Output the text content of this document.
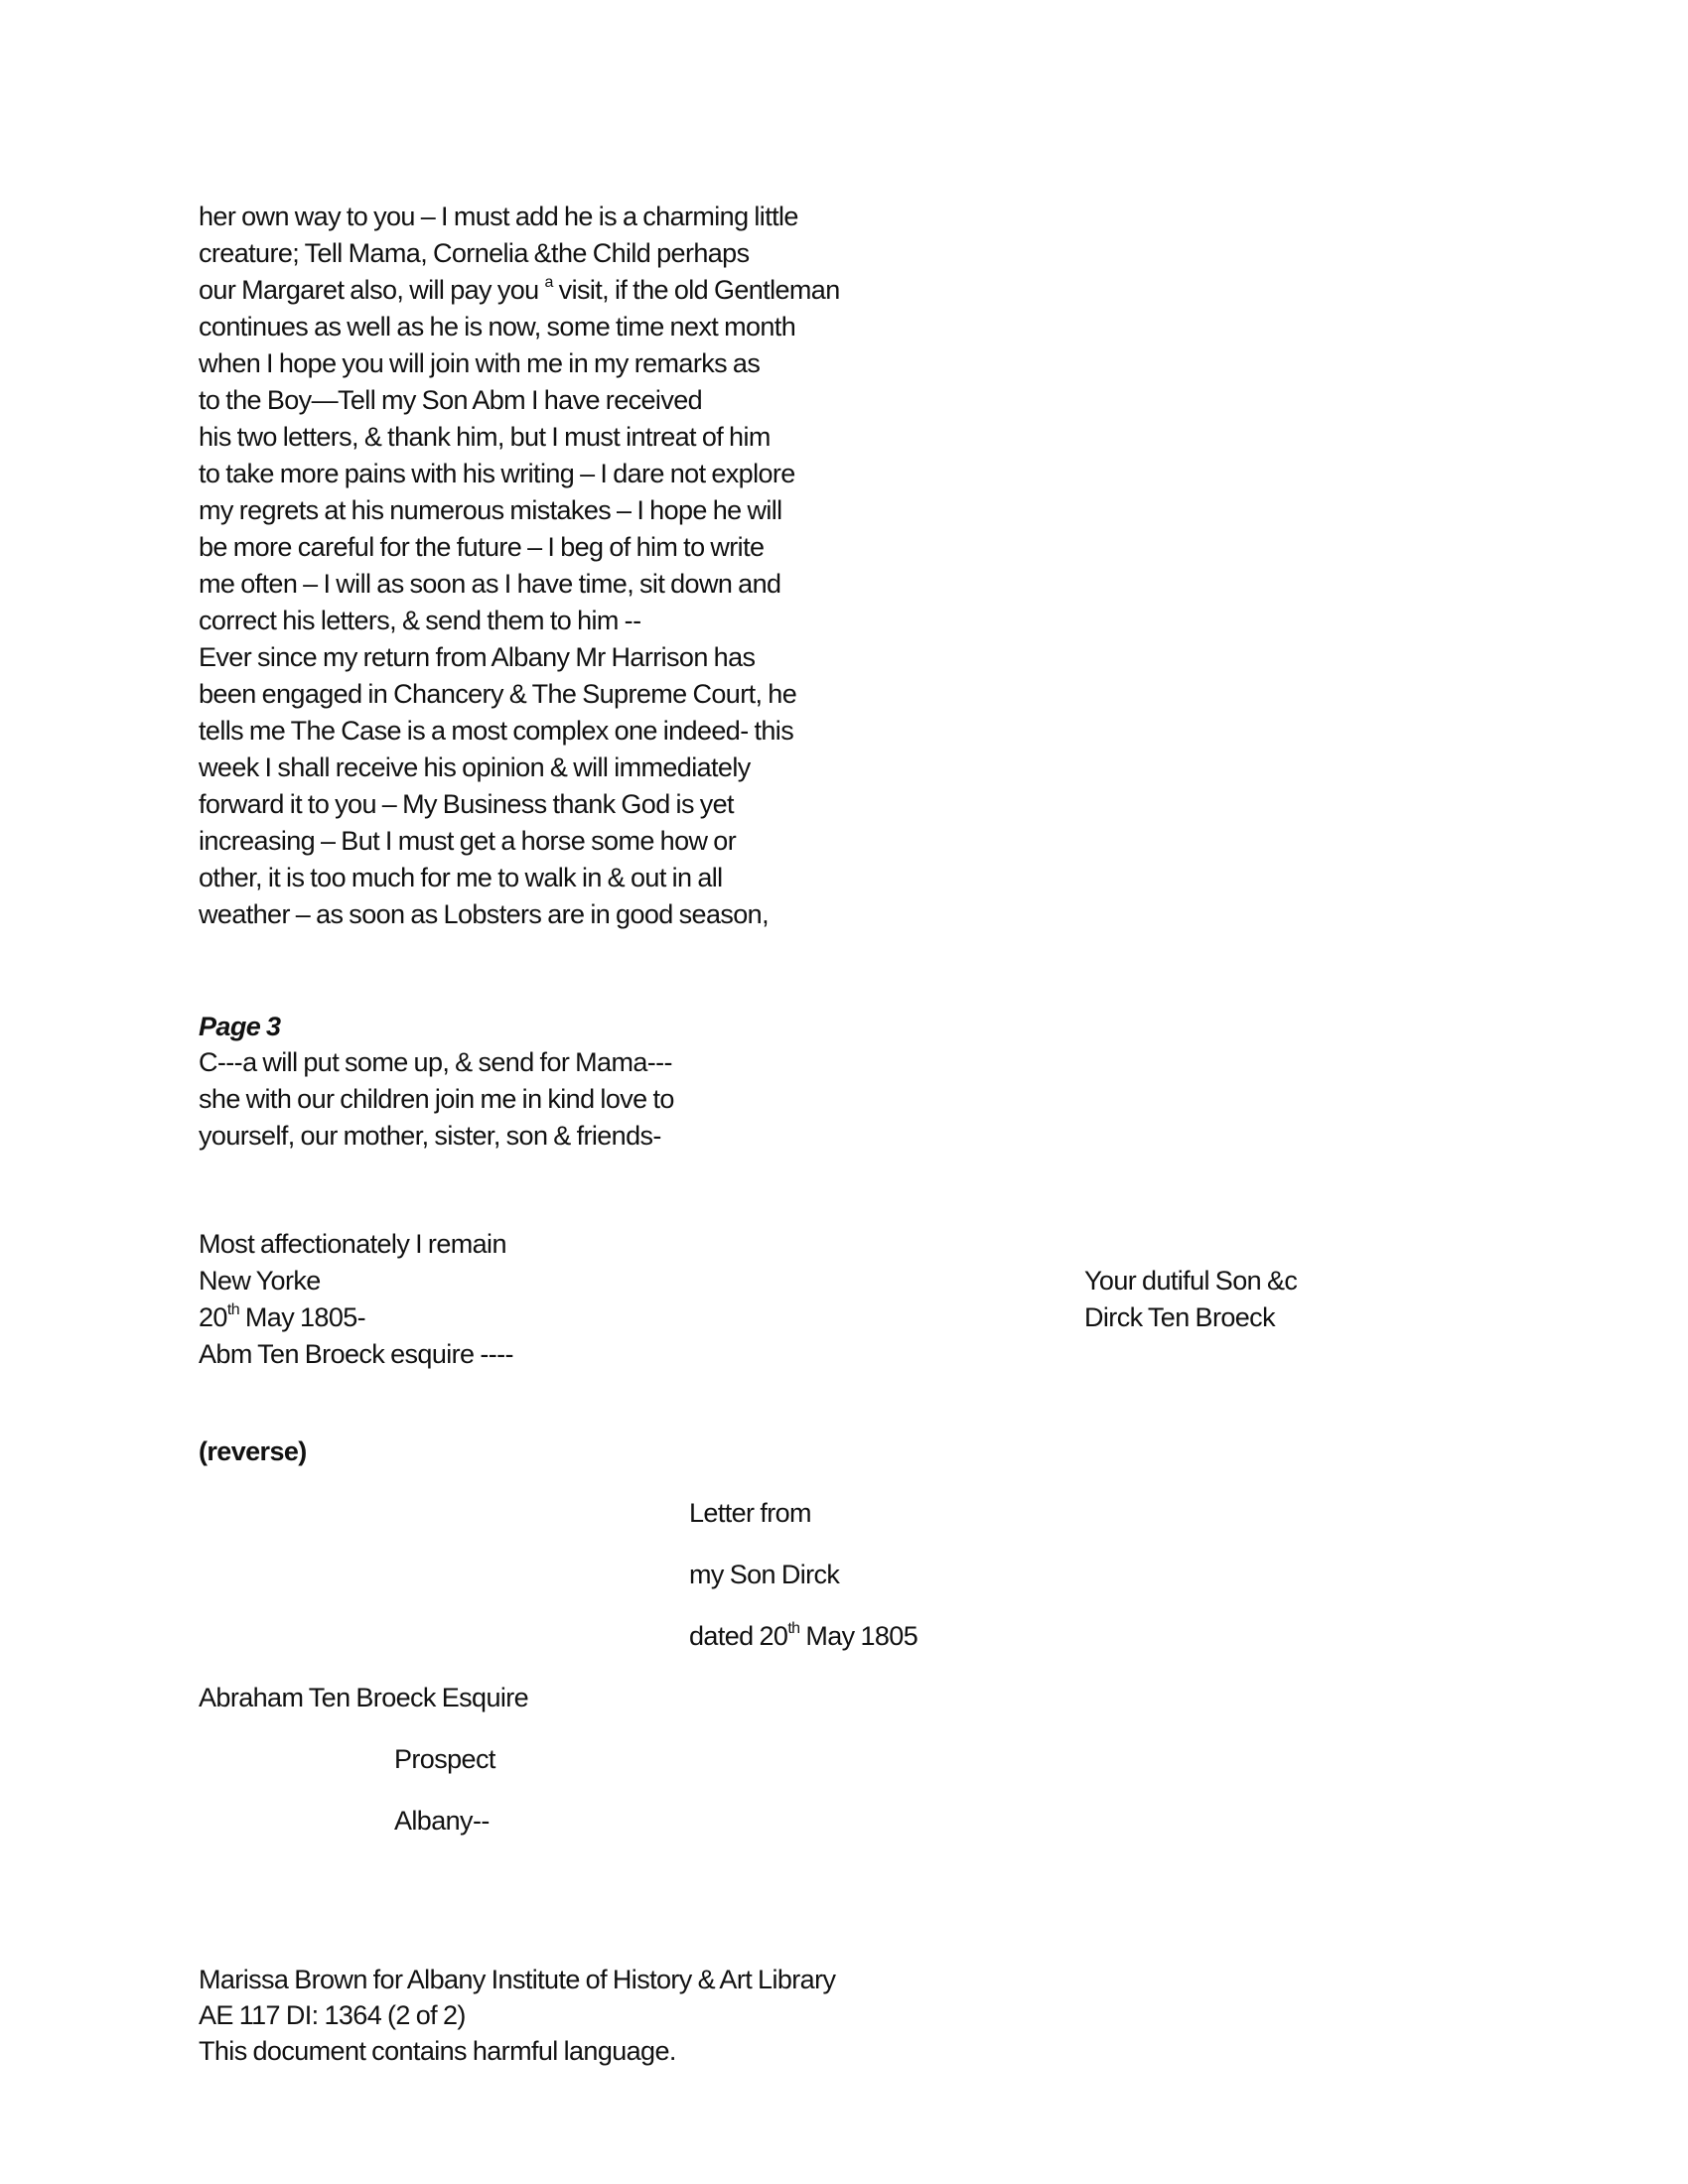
her own way to you – I must add he is a charming little
creature; Tell Mama, Cornelia &the Child perhaps
our Margaret also, will pay you $^a$ visit, if the old Gentleman
continues as well as he is now, some time next month
when I hope you will join with me in my remarks as
to the Boy—Tell my Son Abm I have received
his two letters, & thank him, but I must intreat of him
to take more pains with his writing – I dare not explore
my regrets at his numerous mistakes – I hope he will
be more careful for the future – I beg of him to write
me often – I will as soon as I have time, sit down and
correct his letters, & send them to him --
Ever since my return from Albany Mr Harrison has
been engaged in Chancery & The Supreme Court, he
tells me The Case is a most complex one indeed- this
week I shall receive his opinion & will immediately
forward it to you – My Business thank God is yet
increasing – But I must get a horse some how or
other, it is too much for me to walk in & out in all
weather – as soon as Lobsters are in good season,
Page 3
C---a will put some up, & send for Mama---
she with our children join me in kind love to
yourself, our mother, sister, son & friends-
Most affectionately I remain
New Yorke
20th May 1805-
Abm Ten Broeck esquire ----
Your dutiful Son &c
Dirck Ten Broeck
(reverse)
Letter from
my Son Dirck
dated 20th May 1805
Abraham Ten Broeck Esquire
Prospect
Albany--
Marissa Brown for Albany Institute of History & Art Library
AE 117 DI: 1364 (2 of 2)
This document contains harmful language.
